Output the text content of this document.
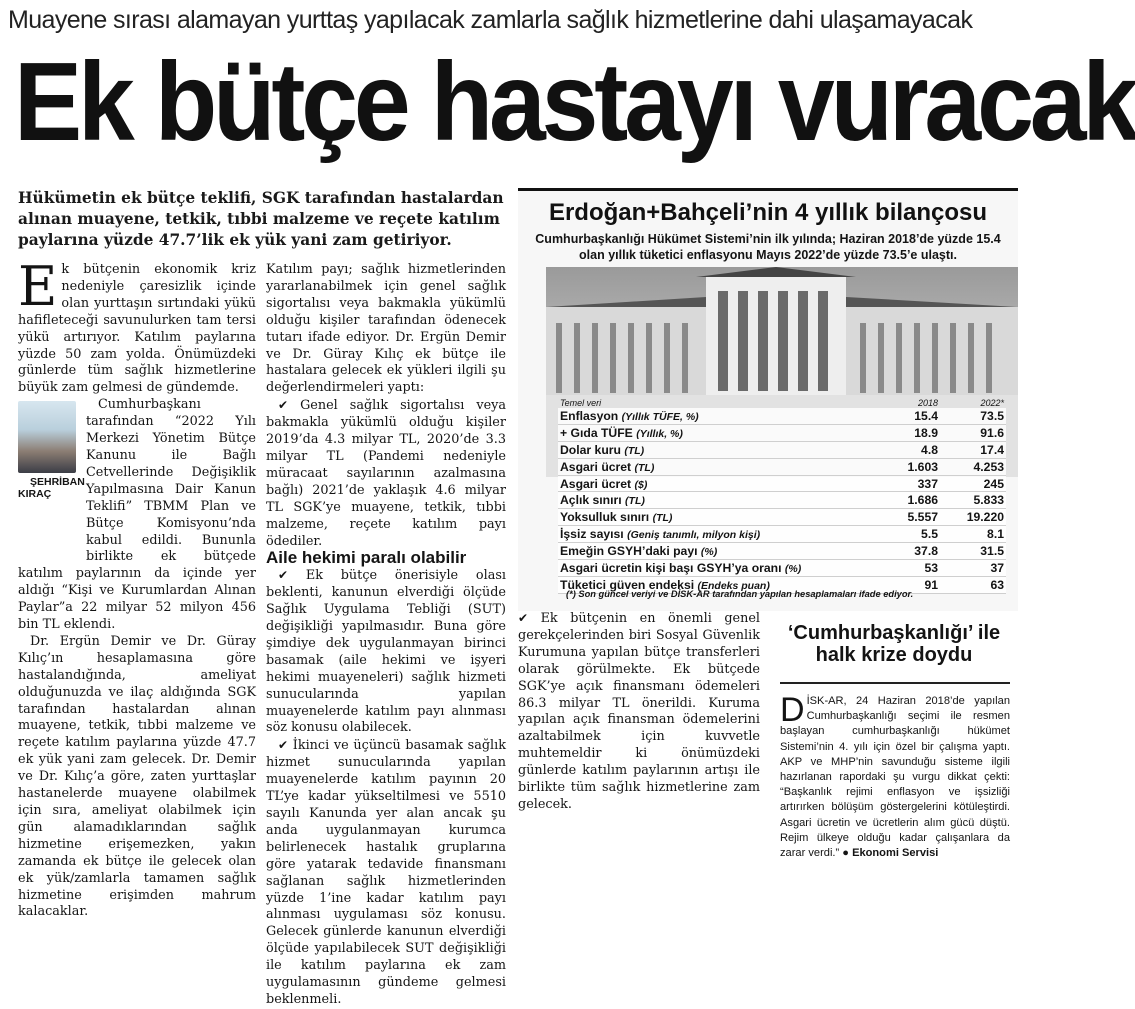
Muayene sırası alamayan yurttaş yapılacak zamlarla sağlık hizmetlerine dahi ulaşamayacak
Ek bütçe hastayı vuracak
Hükümetin ek bütçe teklifi, SGK tarafından hastalardan alınan muayene, tetkik, tıbbi malzeme ve reçete katılım paylarına yüzde 47.7’lik ek yük yani zam getiriyor.

Ek bütçenin ekonomik kriz nedeniyle çaresizlik içinde olan yurttaşın sırtındaki yükü hafifleteceği savunulurken tam tersi yükü artırıyor. Katılım paylarına yüzde 50 zam yolda. Önümüzdeki günlerde tüm sağlık hizmetlerine büyük zam gelmesi de gündemde.

ŞEHRİBAN
KIRAÇ
Cumhurbaşkanı tarafından “2022 Yılı Merkezi Yönetim Bütçe Kanunu ile Bağlı Cetvellerinde Değişiklik Yapılmasına Dair Kanun Teklifi” TBMM Plan ve Bütçe Komisyonu’nda kabul edildi. Bununla birlikte ek bütçede katılım paylarının da içinde yer aldığı “Kişi ve Kurumlardan Alınan Paylar”a 22 milyar 52 milyon 456 bin TL eklendi.

Dr. Ergün Demir ve Dr. Güray Kılıç’ın hesaplamasına göre hastalandığında, ameliyat olduğunuzda ve ilaç aldığında SGK tarafından hastalardan alınan muayene, tetkik, tıbbi malzeme ve reçete katılım paylarına yüzde 47.7 ek yük yani zam gelecek. Dr. Demir ve Dr. Kılıç’a göre, zaten yurttaşlar hastanelerde muayene olabilmek için sıra, ameliyat olabilmek için gün alamadıklarından sağlık hizmetine erişemezken, yakın zamanda ek bütçe ile gelecek olan ek yük/zamlarla tamamen sağlık hizmetine erişimden mahrum kalacaklar.

Katılım payı; sağlık hizmetlerinden yararlanabilmek için genel sağlık sigortalısı veya bakmakla yükümlü olduğu kişiler tarafından ödenecek tutarı ifade ediyor. Dr. Ergün Demir ve Dr. Güray Kılıç ek bütçe ile hastalara gelecek ek yükleri ilgili şu değerlendirmeleri yaptı:

✔ Genel sağlık sigortalısı veya bakmakla yükümlü olduğu kişiler 2019’da 4.3 milyar TL, 2020’de 3.3 milyar TL (Pandemi nedeniyle müracaat sayılarının azalmasına bağlı) 2021’de yaklaşık 4.6 milyar TL SGK’ye muayene, tetkik, tıbbi malzeme, reçete katılım payı ödediler.

Aile hekimi paralı olabilir

✔ Ek bütçe önerisiyle olası beklenti, kanunun elverdiği ölçüde Sağlık Uygulama Tebliği (SUT) değişikliği yapılmasıdır. Buna göre şimdiye dek uygulanmayan birinci basamak (aile hekimi ve işyeri hekimi muayeneleri) sağlık hizmeti sunucularında yapılan muayenelerde katılım payı alınması söz konusu olabilecek.

✔ İkinci ve üçüncü basamak sağlık hizmet sunucularında yapılan muayenelerde katılım payının 20 TL’ye kadar yükseltilmesi ve 5510 sayılı Kanunda yer alan ancak şu anda uygulanmayan kurumca belirlenecek hastalık gruplarına göre yatarak tedavide finansmanı sağlanan sağlık hizmetlerinden yüzde 1’ine kadar katılım payı alınması uygulaması söz konusu. Gelecek günlerde kanunun elverdiği ölçüde yapılabilecek SUT değişikliği ile katılım paylarına ek zam uygulamasının gündeme gelmesi beklenmeli.

✔ Ek bütçenin en önemli genel gerekçelerinden biri Sosyal Güvenlik Kurumuna yapılan bütçe transferleri olarak görülmekte. Ek bütçede SGK’ye açık finansmanı ödemeleri 86.3 milyar TL önerildi. Kuruma yapılan açık finansman ödemelerini azaltabilmek için kuvvetle muhtemeldir ki önümüzdeki günlerde katılım paylarının artışı ile birlikte tüm sağlık hizmetlerine zam gelecek.

Erdoğan+Bahçeli’nin 4 yıllık bilançosu
Cumhurbaşkanlığı Hükümet Sistemi’nin ilk yılında; Haziran 2018’de yüzde 15.4 olan yıllık tüketici enflasyonu Mayıs 2022’de yüzde 73.5’e ulaştı.
Temel veri	2018	2022*
Enflasyon (Yıllık TÜFE, %)	15.4	73.5
+ Gıda TÜFE (Yıllık, %)	18.9	91.6
Dolar kuru (TL)	4.8	17.4
Asgari ücret (TL)	1.603	4.253
Asgari ücret ($)	337	245
Açlık sınırı (TL)	1.686	5.833
Yoksulluk sınırı (TL)	5.557	19.220
İşsiz sayısı (Geniş tanımlı, milyon kişi)	5.5	8.1
Emeğin GSYH’daki payı (%)	37.8	31.5
Asgari ücretin kişi başı GSYH’ya oranı (%)	53	37
Tüketici güven endeksi (Endeks puan)	91	63
(*) Son güncel veriyi ve DİSK-AR tarafından yapılan hesaplamaları ifade ediyor.
‘Cumhurbaşkanlığı’ ile halk krize doydu
DİSK-AR, 24 Haziran 2018’de yapılan Cumhurbaşkanlığı seçimi ile resmen başlayan cumhurbaşkanlığı hükümet Sistemi’nin 4. yılı için özel bir çalışma yaptı. AKP ve MHP’nin savunduğu sisteme ilgili hazırlanan rapordaki şu vurgu dikkat çekti: “Başkanlık rejimi enflasyon ve işsizliği artırırken bölüşüm göstergelerini kötüleştirdi. Asgari ücretin ve ücretlerin alım gücü düştü. Rejim ülkeye olduğu kadar çalışanlara da zarar verdi.” ● Ekonomi Servisi
